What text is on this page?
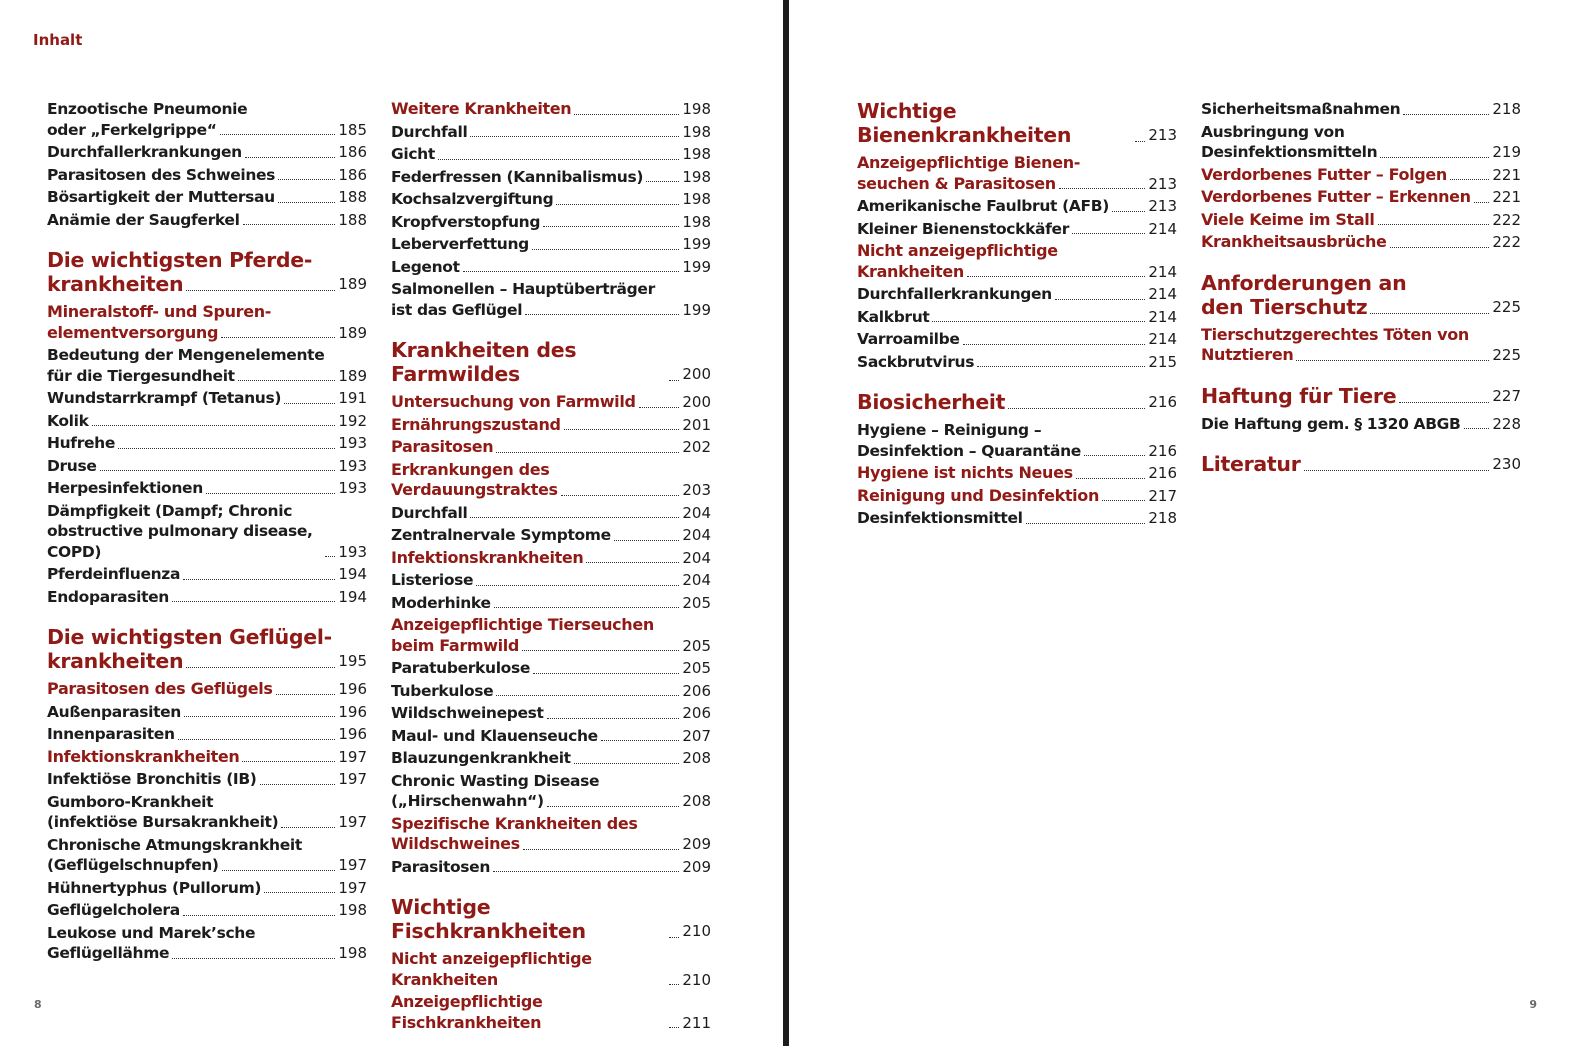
Inhalt
Enzootische Pneumonie
oder „Ferkelgrippe“	185
Durchfallerkrankungen	186
Parasitosen des Schweines	186
Bösartigkeit der Muttersau	188
Anämie der Saugferkel	188
Die wichtigsten Pferde-
krankheiten	189
Mineralstoff- und Spuren-
elementversorgung	189
Bedeutung der Mengenelemente
für die Tiergesundheit	189
Wundstarrkrampf (Tetanus)	191
Kolik	192
Hufrehe	193
Druse	193
Herpesinfektionen	193
Dämpfigkeit (Dampf; Chronic
obstructive pulmonary disease, COPD)	193
Pferdeinfluenza	194
Endoparasiten	194
Die wichtigsten Geflügel-
krankheiten	195
Parasitosen des Geflügels	196
Außenparasiten	196
Innenparasiten	196
Infektionskrankheiten	197
Infektiöse Bronchitis (IB)	197
Gumboro-Krankheit
(infektiöse Bursakrankheit)	197
Chronische Atmungskrankheit
(Geflügelschnupfen)	197
Hühnertyphus (Pullorum)	197
Geflügelcholera	198
Leukose und Marek’sche
Geflügellähme	198
Weitere Krankheiten	198
Durchfall	198
Gicht	198
Federfressen (Kannibalismus)	198
Kochsalzvergiftung	198
Kropfverstopfung	198
Leberverfettung	199
Legenot	199
Salmonellen – Hauptüberträger
ist das Geflügel	199
Krankheiten des Farmwildes	200
Untersuchung von Farmwild	200
Ernährungszustand	201
Parasitosen	202
Erkrankungen des
Verdauungstraktes	203
Durchfall	204
Zentralnervale Symptome	204
Infektionskrankheiten	204
Listeriose	204
Moderhinke	205
Anzeigepflichtige Tierseuchen
beim Farmwild	205
Paratuberkulose	205
Tuberkulose	206
Wildschweinepest	206
Maul- und Klauenseuche	207
Blauzungenkrankheit	208
Chronic Wasting Disease
(„Hirschenwahn“)	208
Spezifische Krankheiten des
Wildschweines	209
Parasitosen	209
Wichtige Fischkrankheiten	210
Nicht anzeigepflichtige Krankheiten	210
Anzeigepflichtige Fischkrankheiten	211
8
Wichtige Bienenkrankheiten	213
Anzeigepflichtige Bienen-
seuchen & Parasitosen	213
Amerikanische Faulbrut (AFB)	213
Kleiner Bienenstockkäfer	214
Nicht anzeigepflichtige
Krankheiten	214
Durchfallerkrankungen	214
Kalkbrut	214
Varroamilbe	214
Sackbrutvirus	215
Biosicherheit	216
Hygiene – Reinigung –
Desinfektion – Quarantäne	216
Hygiene ist nichts Neues	216
Reinigung und Desinfektion	217
Desinfektionsmittel	218
Sicherheitsmaßnahmen	218
Ausbringung von
Desinfektionsmitteln	219
Verdorbenes Futter – Folgen	221
Verdorbenes Futter – Erkennen 221
Viele Keime im Stall	222
Krankheitsausbrüche	222
Anforderungen an
den Tierschutz	225
Tierschutzgerechtes Töten von
Nutztieren	225
Haftung für Tiere	227
Die Haftung gem. § 1320 ABGB 228
Literatur	230
9
